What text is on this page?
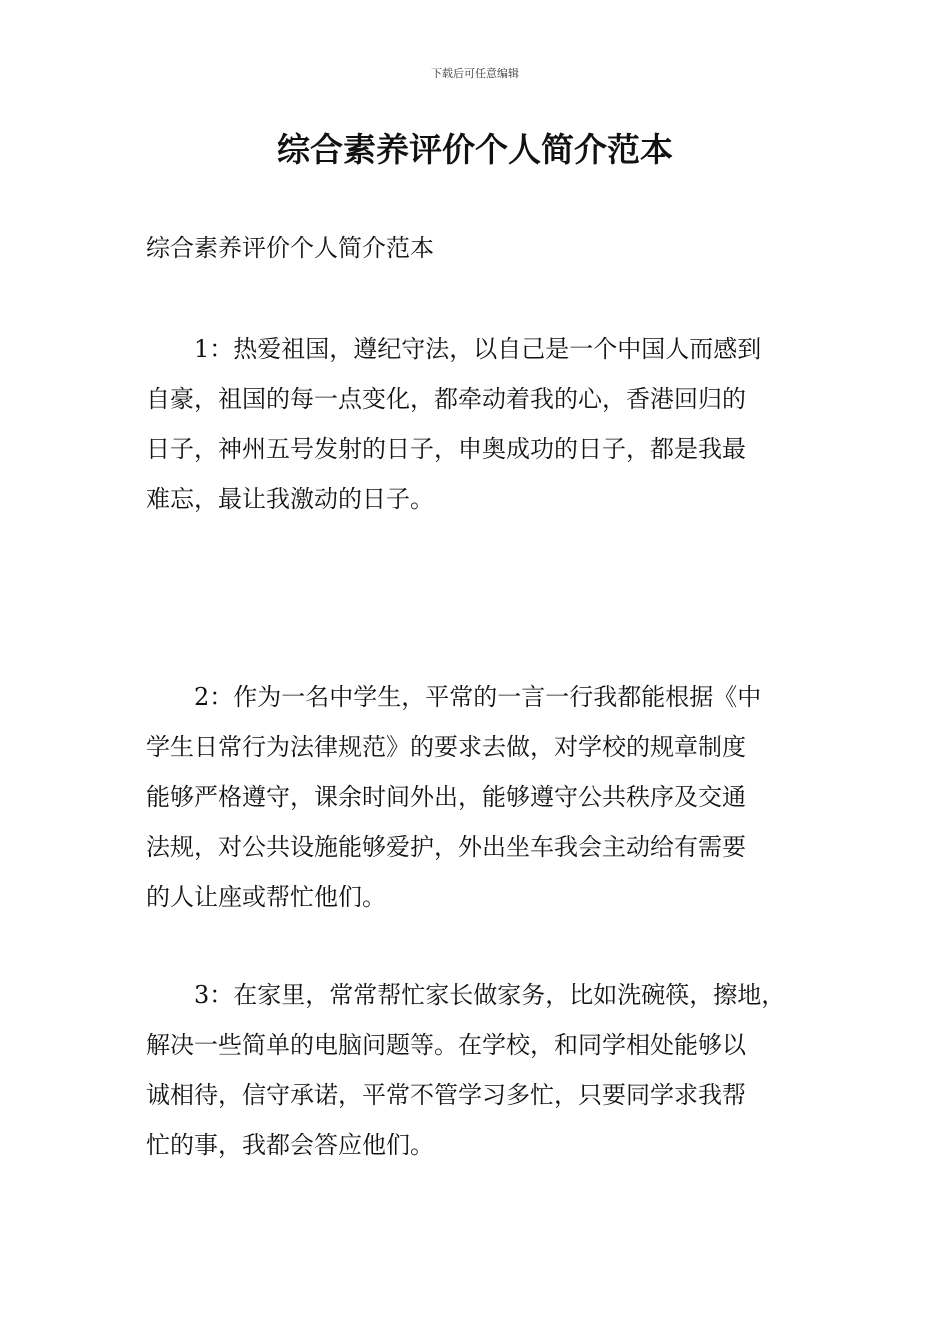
下载后可任意编辑
综合素养评价个人简介范本

综合素养评价个人简介范本

1：热爱祖国，遵纪守法，以自己是一个中国人而感到
自豪，祖国的每一点变化，都牵动着我的心，香港回归的
日子，神州五号发射的日子，申奥成功的日子，都是我最
难忘，最让我激动的日子。

2：作为一名中学生，平常的一言一行我都能根据《中
学生日常行为法律规范》的要求去做，对学校的规章制度
能够严格遵守，课余时间外出，能够遵守公共秩序及交通
法规，对公共设施能够爱护，外出坐车我会主动给有需要
的人让座或帮忙他们。

3：在家里，常常帮忙家长做家务，比如洗碗筷，擦地，
解决一些简单的电脑问题等。在学校，和同学相处能够以
诚相待，信守承诺，平常不管学习多忙，只要同学求我帮
忙的事，我都会答应他们。
